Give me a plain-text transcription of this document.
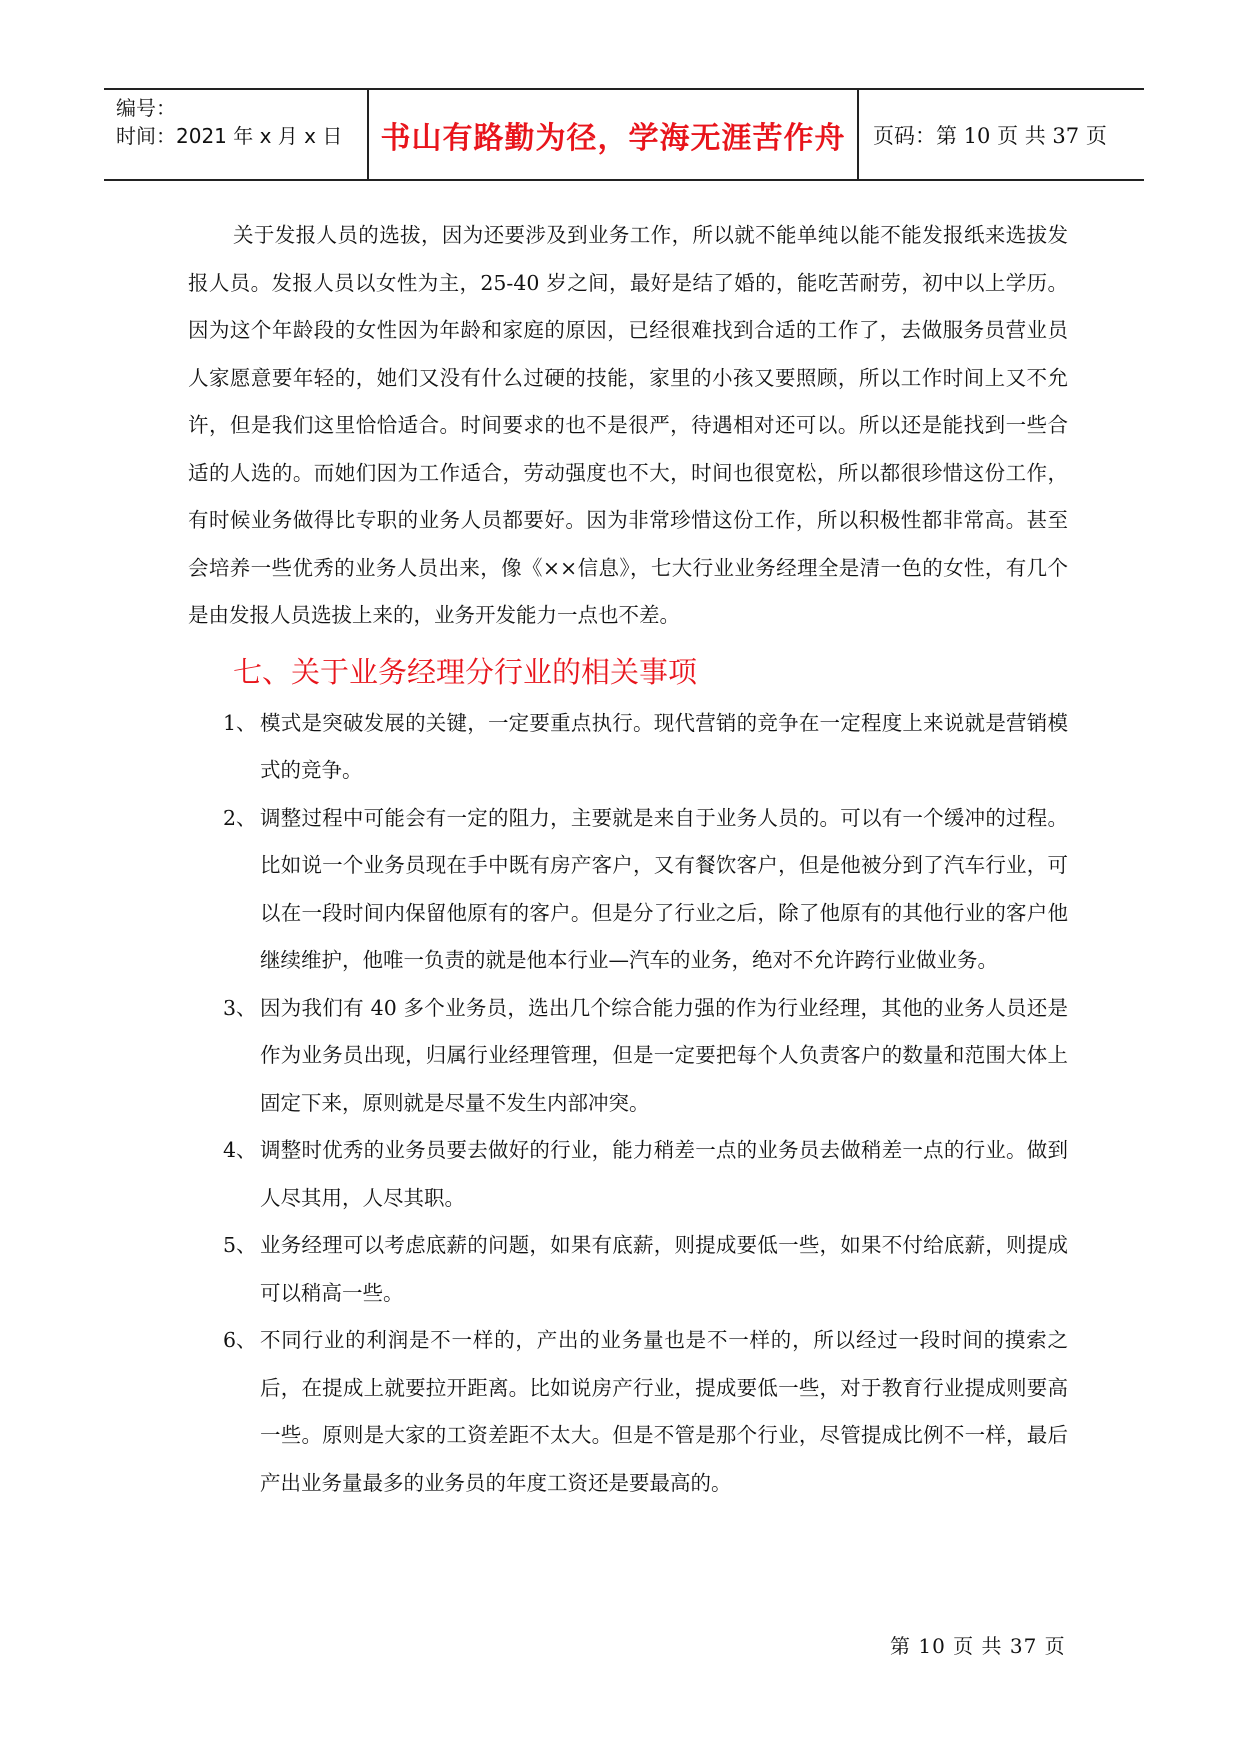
编号：
时间：2021 年 x 月 x 日	书山有路勤为径，学海无涯苦作舟	页码：第 10 页 共 37 页

关于发报人员的选拔，因为还要涉及到业务工作，所以就不能单纯以能不能发报纸来选拔发报人员。发报人员以女性为主，25-40 岁之间，最好是结了婚的，能吃苦耐劳，初中以上学历。因为这个年龄段的女性因为年龄和家庭的原因，已经很难找到合适的工作了，去做服务员营业员人家愿意要年轻的，她们又没有什么过硬的技能，家里的小孩又要照顾，所以工作时间上又不允许，但是我们这里恰恰适合。时间要求的也不是很严，待遇相对还可以。所以还是能找到一些合适的人选的。而她们因为工作适合，劳动强度也不大，时间也很宽松，所以都很珍惜这份工作，有时候业务做得比专职的业务人员都要好。因为非常珍惜这份工作，所以积极性都非常高。甚至会培养一些优秀的业务人员出来，像《××信息》，七大行业业务经理全是清一色的女性，有几个是由发报人员选拔上来的，业务开发能力一点也不差。

七、关于业务经理分行业的相关事项
1、 模式是突破发展的关键，一定要重点执行。现代营销的竞争在一定程度上来说就是营销模式的竞争。
2、 调整过程中可能会有一定的阻力，主要就是来自于业务人员的。可以有一个缓冲的过程。比如说一个业务员现在手中既有房产客户，又有餐饮客户，但是他被分到了汽车行业，可以在一段时间内保留他原有的客户。但是分了行业之后，除了他原有的其他行业的客户他继续维护，他唯一负责的就是他本行业—汽车的业务，绝对不允许跨行业做业务。
3、 因为我们有 40 多个业务员，选出几个综合能力强的作为行业经理，其他的业务人员还是作为业务员出现，归属行业经理管理，但是一定要把每个人负责客户的数量和范围大体上固定下来，原则就是尽量不发生内部冲突。
4、 调整时优秀的业务员要去做好的行业，能力稍差一点的业务员去做稍差一点的行业。做到人尽其用，人尽其职。
5、 业务经理可以考虑底薪的问题，如果有底薪，则提成要低一些，如果不付给底薪，则提成可以稍高一些。
6、 不同行业的利润是不一样的，产出的业务量也是不一样的，所以经过一段时间的摸索之后，在提成上就要拉开距离。比如说房产行业，提成要低一些，对于教育行业提成则要高一些。原则是大家的工资差距不太大。但是不管是那个行业，尽管提成比例不一样，最后产出业务量最多的业务员的年度工资还是要最高的。
第 10 页 共 37 页
